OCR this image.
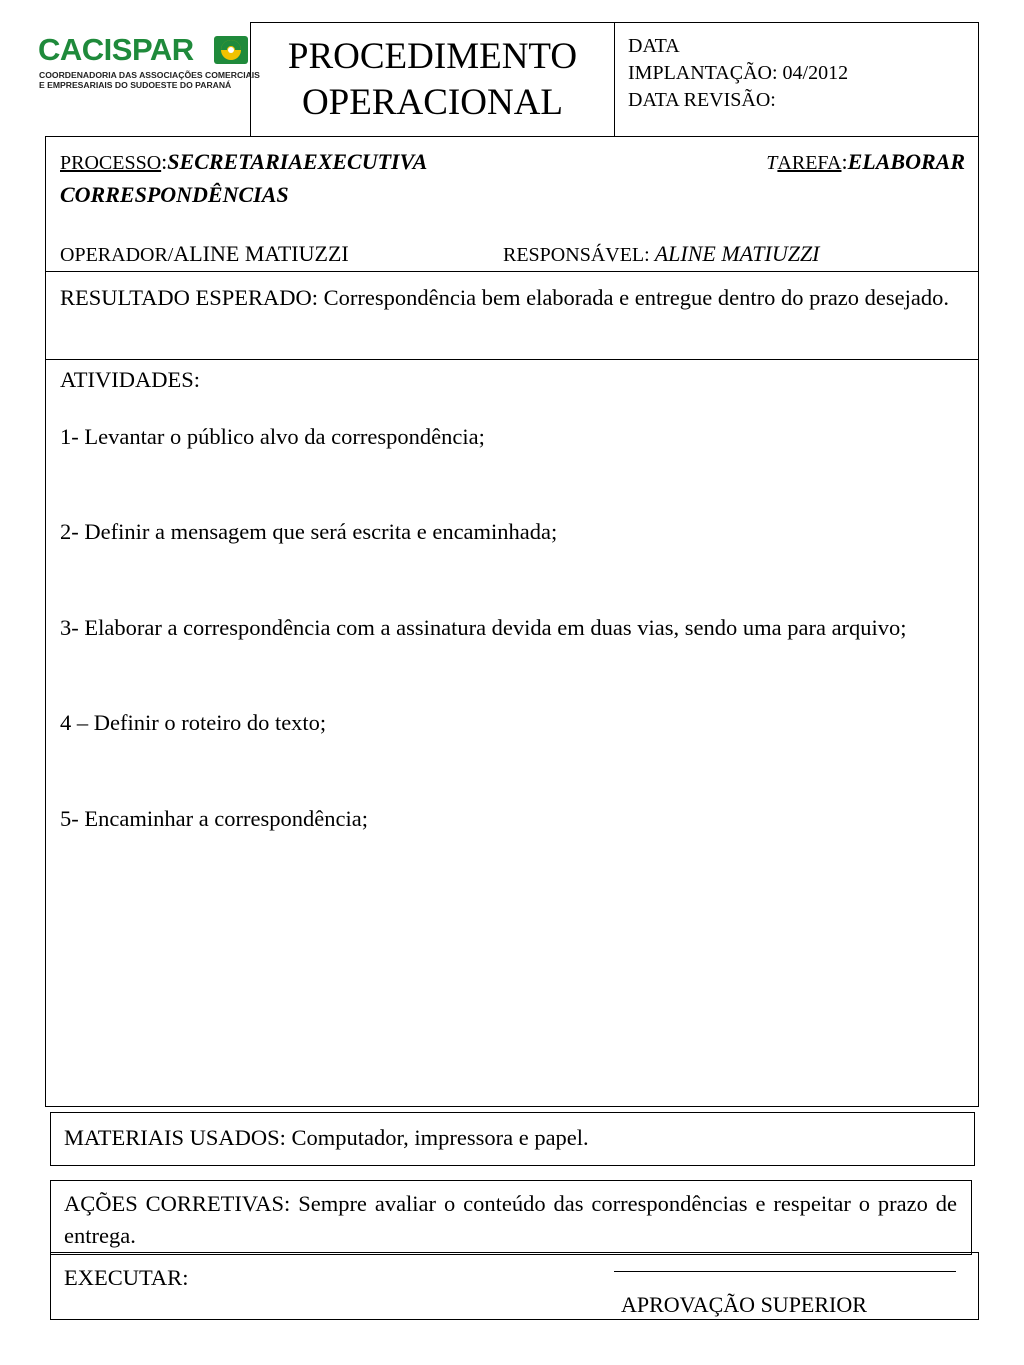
CACISPAR
COORDENADORIA DAS ASSOCIAÇÕES COMERCIAIS
E EMPRESARIAIS DO SUDOESTE DO PARANÁ
PROCEDIMENTO
OPERACIONAL
DATA
IMPLANTAÇÃO: 04/2012
DATA REVISÃO:
TAREFA:ELABORAR
PROCESSO:SECRETARIAEXECUTIVA
CORRESPONDÊNCIAS
OPERADOR/ALINE MATIUZZI	RESPONSÁVEL: ALINE MATIUZZI
RESULTADO ESPERADO: Correspondência bem elaborada e entregue dentro do prazo desejado.
ATIVIDADES:
1- Levantar o público alvo da correspondência;
2- Definir a mensagem que será escrita e encaminhada;
3- Elaborar a correspondência com a assinatura devida em duas vias, sendo uma para arquivo;
4 – Definir o roteiro do texto;
5- Encaminhar a correspondência;
MATERIAIS USADOS: Computador, impressora e papel.
AÇÕES CORRETIVAS: Sempre avaliar o conteúdo das correspondências e respeitar o prazo de entrega.
EXECUTAR:
APROVAÇÃO SUPERIOR
